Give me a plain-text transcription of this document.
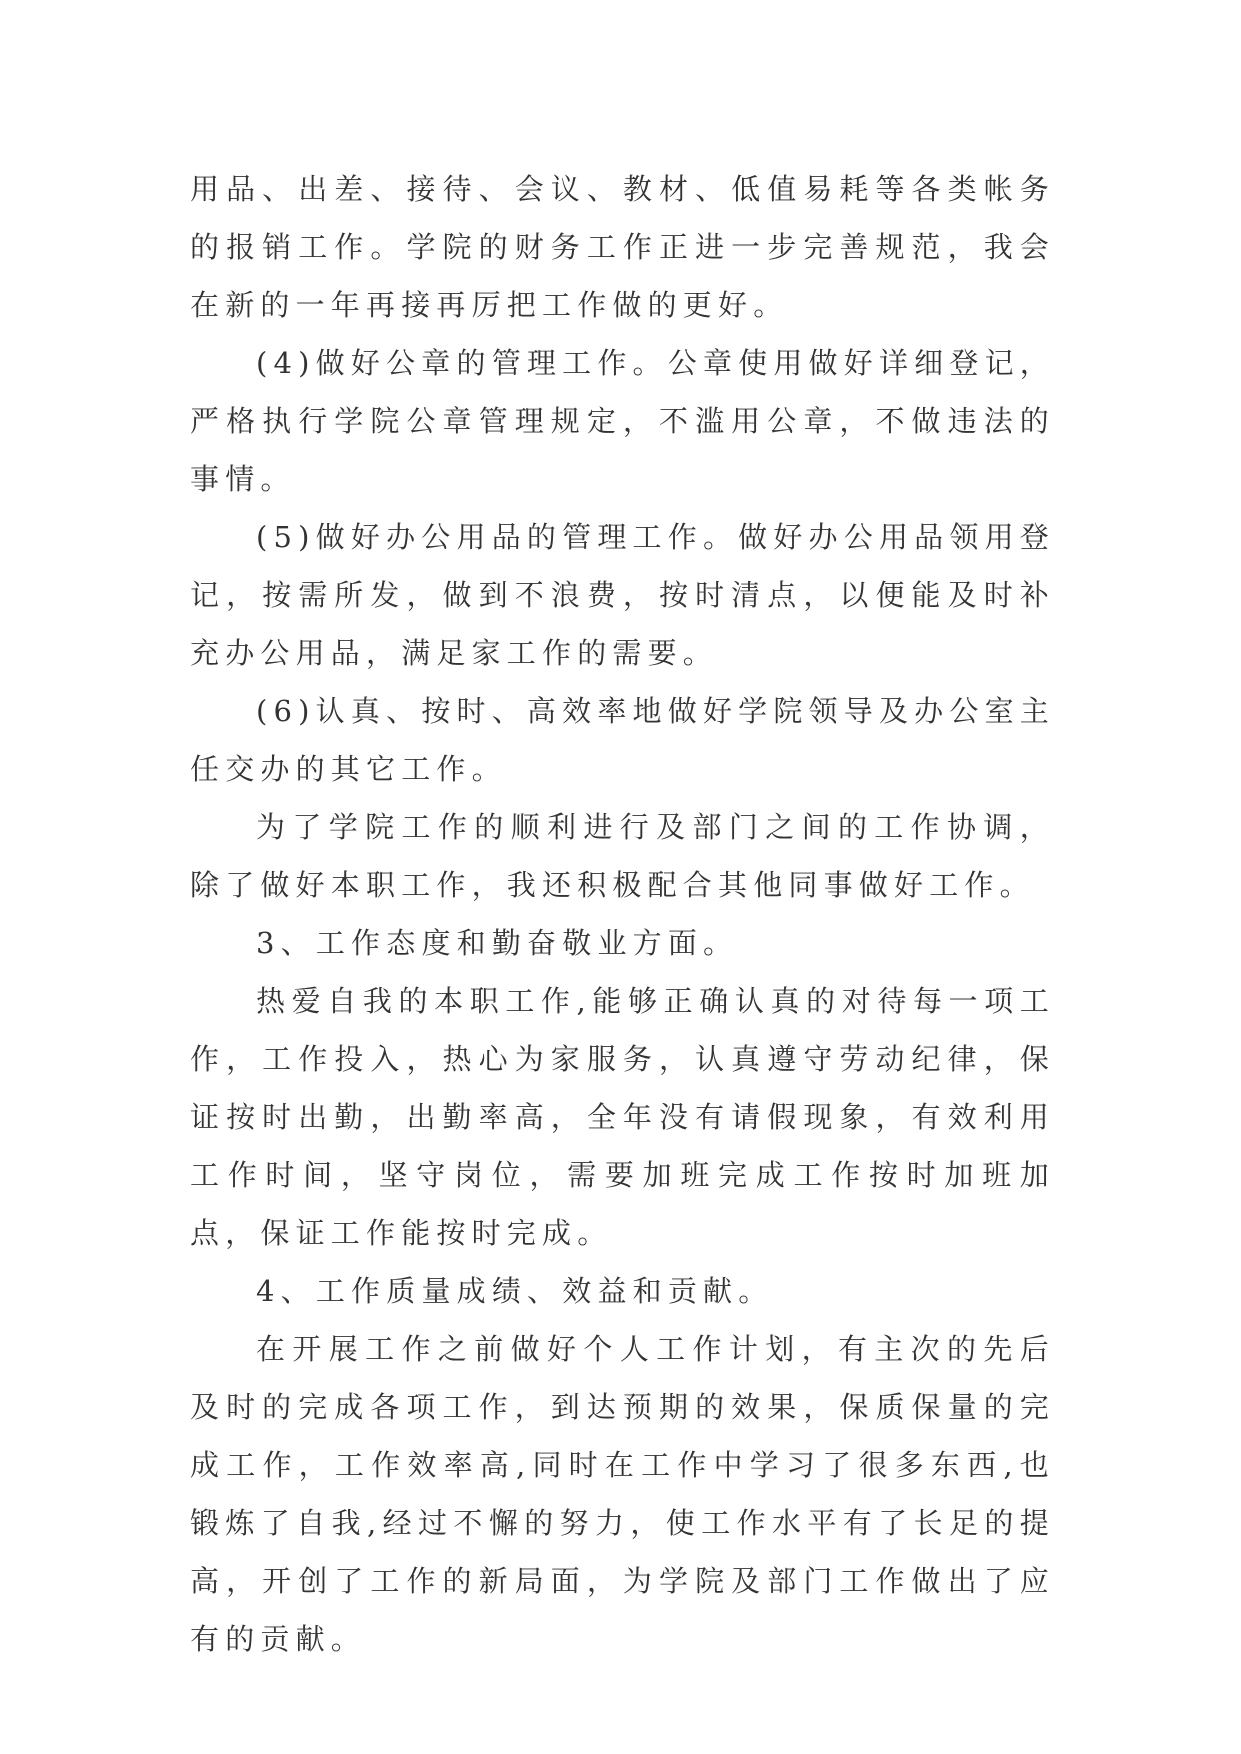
用品、出差、接待、会议、教材、低值易耗等各类帐务的报销工作。学院的财务工作正进一步完善规范，我会在新的一年再接再厉把工作做的更好。

(4)做好公章的管理工作。公章使用做好详细登记，严格执行学院公章管理规定，不滥用公章，不做违法的事情。

(5)做好办公用品的管理工作。做好办公用品领用登记，按需所发，做到不浪费，按时清点，以便能及时补充办公用品，满足家工作的需要。

(6)认真、按时、高效率地做好学院领导及办公室主任交办的其它工作。

为了学院工作的顺利进行及部门之间的工作协调，除了做好本职工作，我还积极配合其他同事做好工作。

3、工作态度和勤奋敬业方面。

热爱自我的本职工作,能够正确认真的对待每一项工作，工作投入，热心为家服务，认真遵守劳动纪律，保证按时出勤，出勤率高，全年没有请假现象，有效利用工作时间，坚守岗位，需要加班完成工作按时加班加点，保证工作能按时完成。

4、工作质量成绩、效益和贡献。

在开展工作之前做好个人工作计划，有主次的先后及时的完成各项工作，到达预期的效果，保质保量的完成工作，工作效率高,同时在工作中学习了很多东西,也锻炼了自我,经过不懈的努力，使工作水平有了长足的提高，开创了工作的新局面，为学院及部门工作做出了应有的贡献。
